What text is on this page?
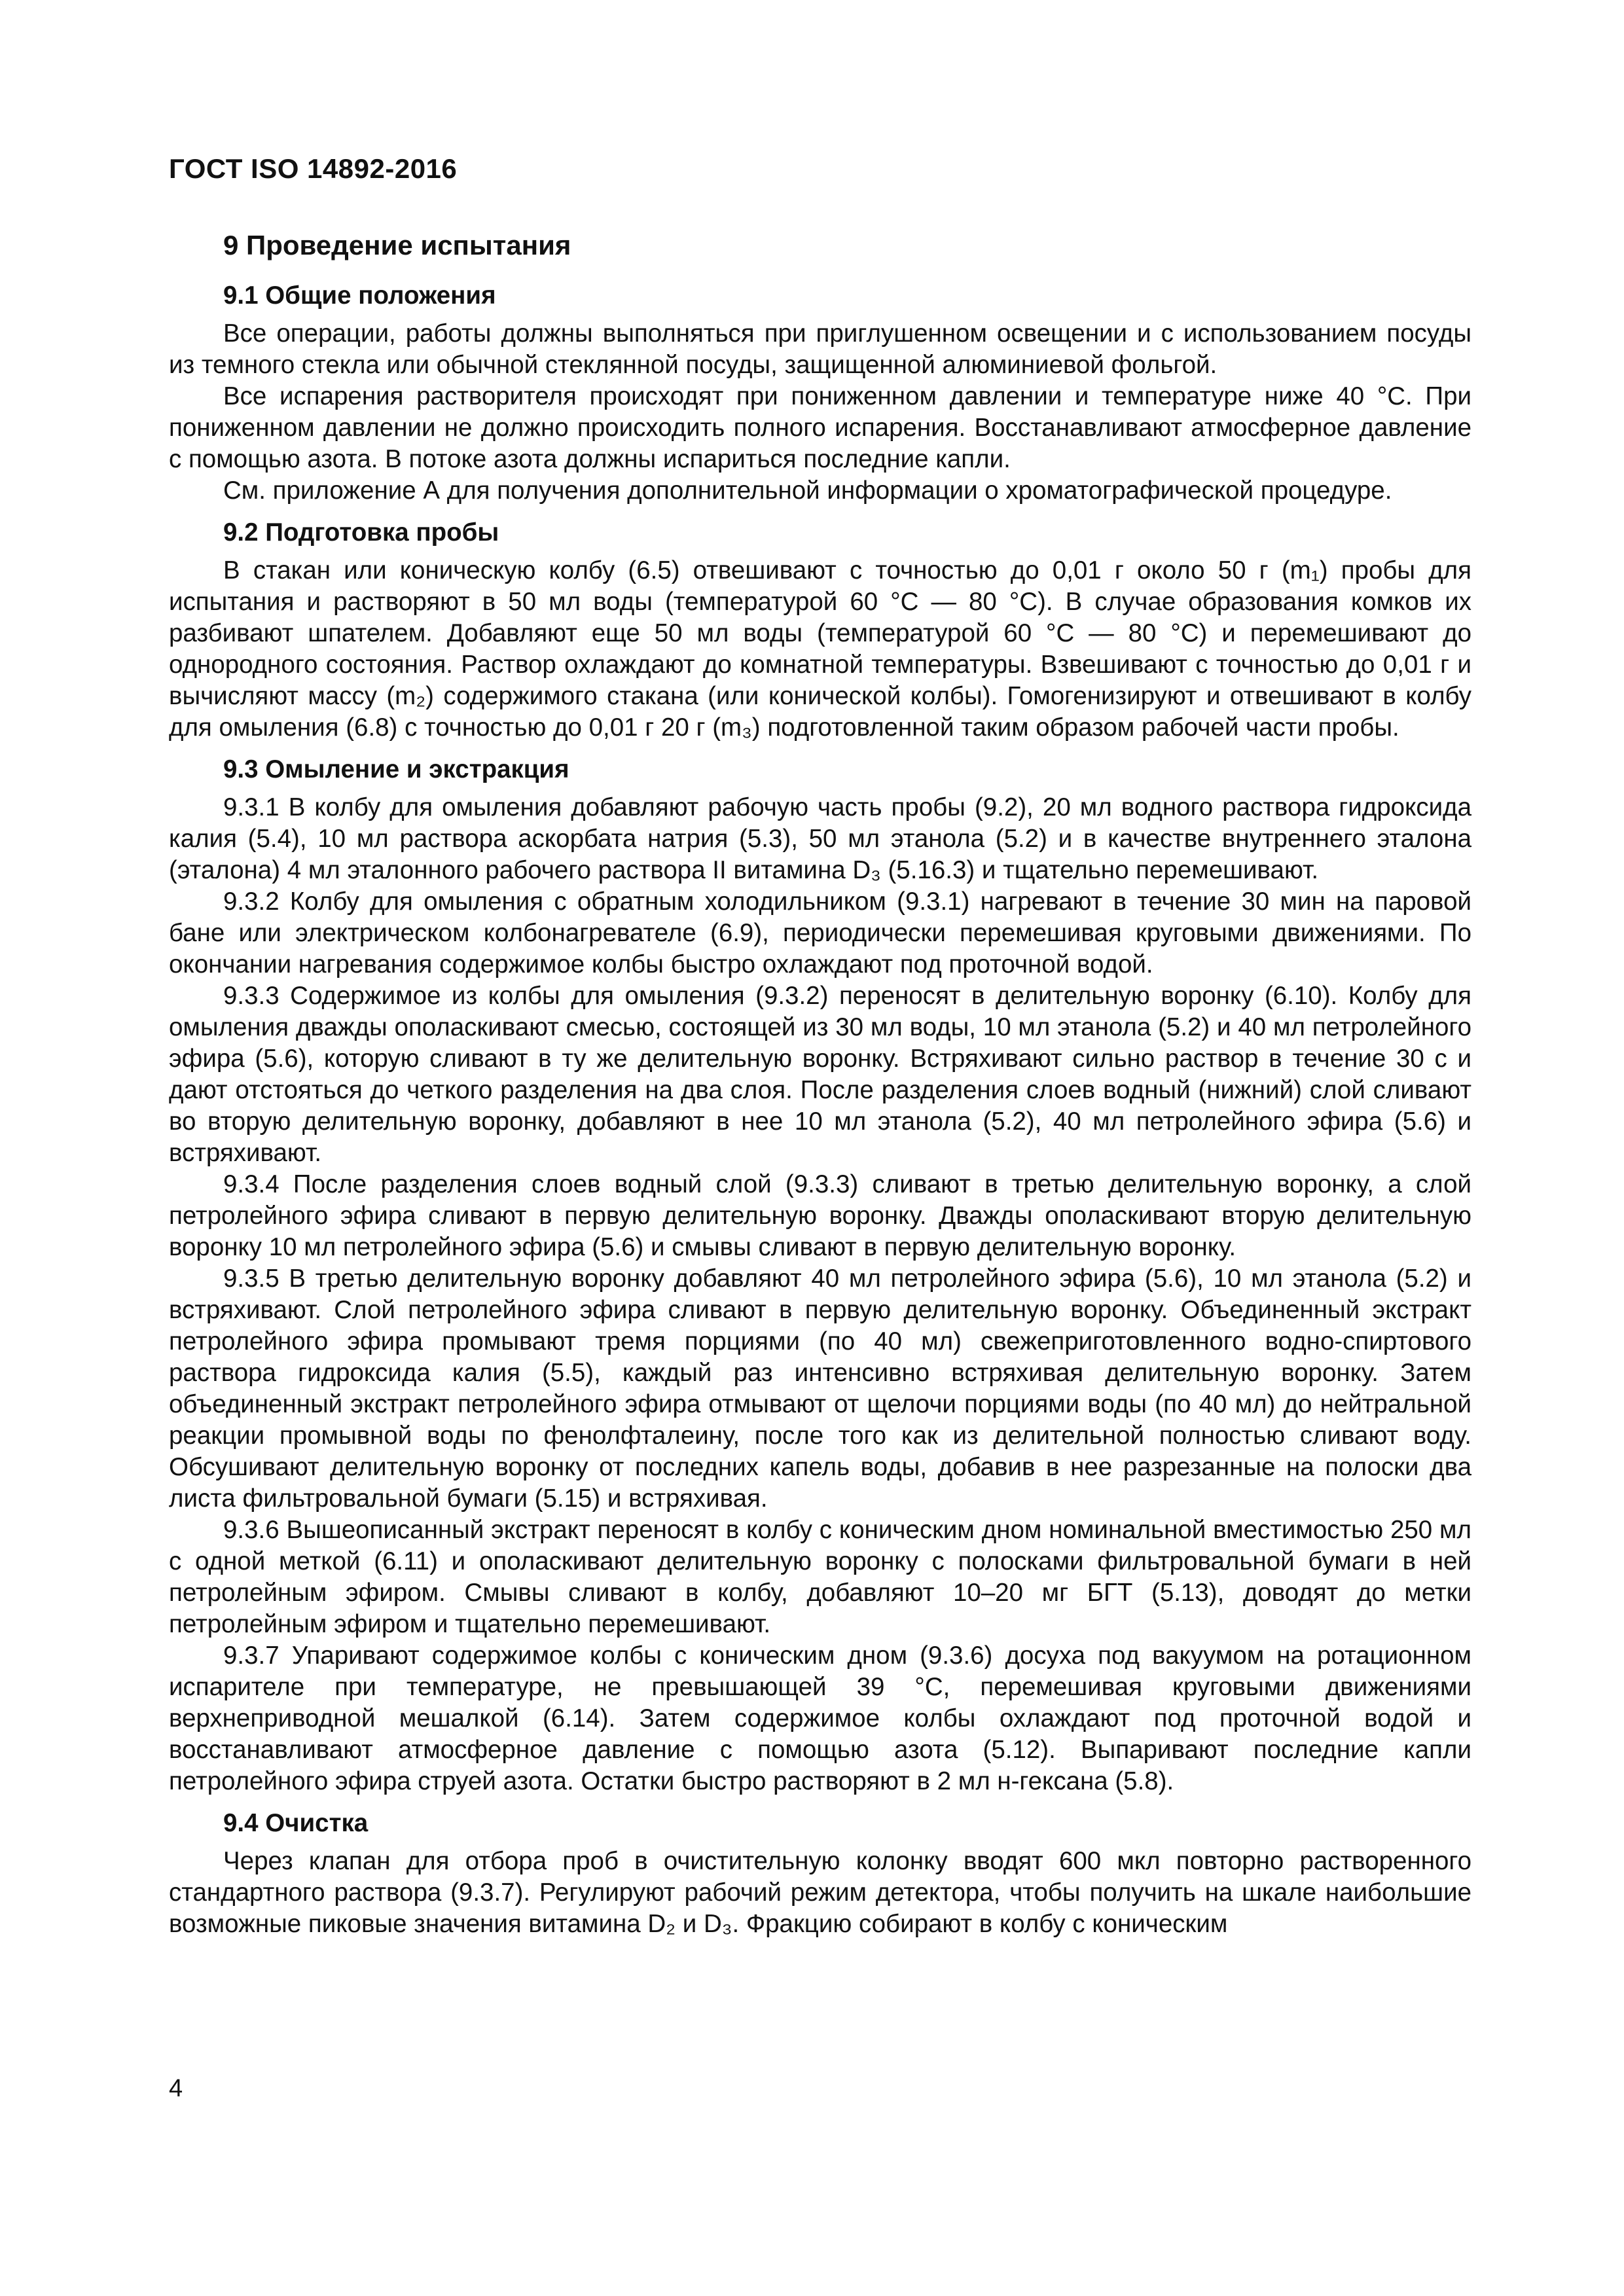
ГОСТ ISO 14892-2016
9 Проведение испытания
9.1 Общие положения

Все операции, работы должны выполняться при приглушенном освещении и с использованием посуды из темного стекла или обычной стеклянной посуды, защищенной алюминиевой фольгой.

Все испарения растворителя происходят при пониженном давлении и температуре ниже 40 °С. При пониженном давлении не должно происходить полного испарения. Восстанавливают атмосферное давление с помощью азота. В потоке азота должны испариться последние капли.

См. приложение А для получения дополнительной информации о хроматографической процедуре.

9.2 Подготовка пробы

В стакан или коническую колбу (6.5) отвешивают с точностью до 0,01 г около 50 г (m₁) пробы для испытания и растворяют в 50 мл воды (температурой 60 °С — 80 °С). В случае образования комков их разбивают шпателем. Добавляют еще 50 мл воды (температурой 60 °С — 80 °С) и перемешивают до однородного состояния. Раствор охлаждают до комнатной температуры. Взвешивают с точностью до 0,01 г и вычисляют массу (m₂) содержимого стакана (или конической колбы). Гомогенизируют и отвешивают в колбу для омыления (6.8) с точностью до 0,01 г 20 г (m₃) подготовленной таким образом рабочей части пробы.

9.3 Омыление и экстракция

9.3.1 В колбу для омыления добавляют рабочую часть пробы (9.2), 20 мл водного раствора гидроксида калия (5.4), 10 мл раствора аскорбата натрия (5.3), 50 мл этанола (5.2) и в качестве внутреннего эталона (эталона) 4 мл эталонного рабочего раствора II витамина D₃ (5.16.3) и тщательно перемешивают.

9.3.2 Колбу для омыления с обратным холодильником (9.3.1) нагревают в течение 30 мин на паровой бане или электрическом колбонагревателе (6.9), периодически перемешивая круговыми движениями. По окончании нагревания содержимое колбы быстро охлаждают под проточной водой.

9.3.3 Содержимое из колбы для омыления (9.3.2) переносят в делительную воронку (6.10). Колбу для омыления дважды ополаскивают смесью, состоящей из 30 мл воды, 10 мл этанола (5.2) и 40 мл петролейного эфира (5.6), которую сливают в ту же делительную воронку. Встряхивают сильно раствор в течение 30 с и дают отстояться до четкого разделения на два слоя. После разделения слоев водный (нижний) слой сливают во вторую делительную воронку, добавляют в нее 10 мл этанола (5.2), 40 мл петролейного эфира (5.6) и встряхивают.

9.3.4 После разделения слоев водный слой (9.3.3) сливают в третью делительную воронку, а слой петролейного эфира сливают в первую делительную воронку. Дважды ополаскивают вторую делительную воронку 10 мл петролейного эфира (5.6) и смывы сливают в первую делительную воронку.

9.3.5 В третью делительную воронку добавляют 40 мл петролейного эфира (5.6), 10 мл этанола (5.2) и встряхивают. Слой петролейного эфира сливают в первую делительную воронку. Объединенный экстракт петролейного эфира промывают тремя порциями (по 40 мл) свежеприготовленного водно-спиртового раствора гидроксида калия (5.5), каждый раз интенсивно встряхивая делительную воронку. Затем объединенный экстракт петролейного эфира отмывают от щелочи порциями воды (по 40 мл) до нейтральной реакции промывной воды по фенолфталеину, после того как из делительной полностью сливают воду. Обсушивают делительную воронку от последних капель воды, добавив в нее разрезанные на полоски два листа фильтровальной бумаги (5.15) и встряхивая.

9.3.6 Вышеописанный экстракт переносят в колбу с коническим дном номинальной вместимостью 250 мл с одной меткой (6.11) и ополаскивают делительную воронку с полосками фильтровальной бумаги в ней петролейным эфиром. Смывы сливают в колбу, добавляют 10–20 мг БГТ (5.13), доводят до метки петролейным эфиром и тщательно перемешивают.

9.3.7 Упаривают содержимое колбы с коническим дном (9.3.6) досуха под вакуумом на ротационном испарителе при температуре, не превышающей 39 °С, перемешивая круговыми движениями верхнеприводной мешалкой (6.14). Затем содержимое колбы охлаждают под проточной водой и восстанавливают атмосферное давление с помощью азота (5.12). Выпаривают последние капли петролейного эфира струей азота. Остатки быстро растворяют в 2 мл н-гексана (5.8).

9.4 Очистка

Через клапан для отбора проб в очистительную колонку вводят 600 мкл повторно растворенного стандартного раствора (9.3.7). Регулируют рабочий режим детектора, чтобы получить на шкале наибольшие возможные пиковые значения витамина D₂ и D₃. Фракцию собирают в колбу с коническим

4
